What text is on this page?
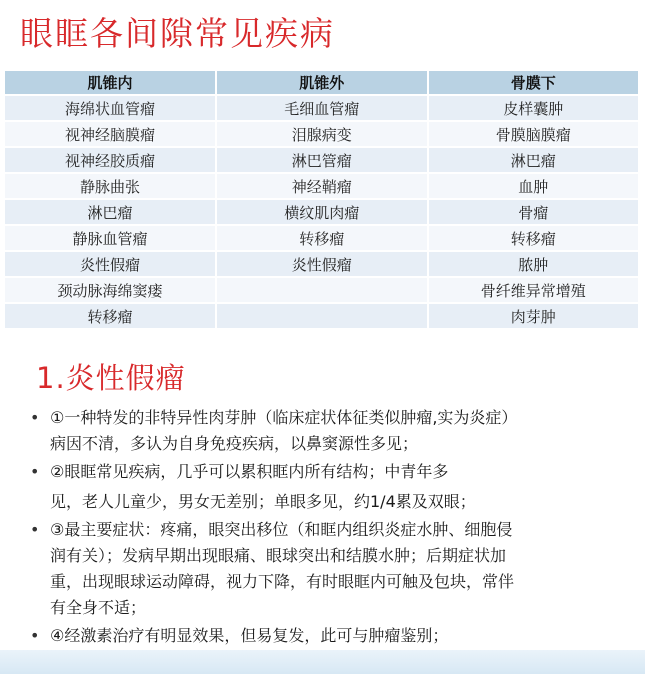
眼眶各间隙常见疾病
肌锥内	肌锥外	骨膜下
海绵状血管瘤	毛细血管瘤	皮样囊肿
视神经脑膜瘤	泪腺病变	骨膜脑膜瘤
视神经胶质瘤	淋巴管瘤	淋巴瘤
静脉曲张	神经鞘瘤	血肿
淋巴瘤	横纹肌肉瘤	骨瘤
静脉血管瘤	转移瘤	转移瘤
炎性假瘤	炎性假瘤	脓肿
颈动脉海绵窦瘘		骨纤维异常增殖
转移瘤		肉芽肿
1.炎性假瘤
• ①一种特发的非特异性肉芽肿（临床症状体征类似肿瘤,实为炎症）
病因不清，多认为自身免疫疾病，以鼻窦源性多见；
• ②眼眶常见疾病，几乎可以累积眶内所有结构；中青年多
见，老人儿童少，男女无差别；单眼多见，约1/4累及双眼；
• ③最主要症状：疼痛，眼突出移位（和眶内组织炎症水肿、细胞侵
润有关）；发病早期出现眼痛、眼球突出和结膜水肿；后期症状加
重，出现眼球运动障碍，视力下降，有时眼眶内可触及包块，常伴
有全身不适；
• ④经激素治疗有明显效果，但易复发，此可与肿瘤鉴别；
